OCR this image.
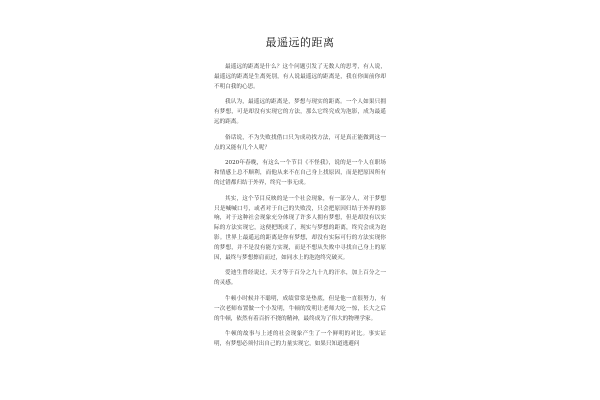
最遥远的距离

最遥远的距离是什么？这个问题引发了无数人的思考，有人说，最遥远的距离是生离死别，有人说最遥远的距离是，我在你面前你却不明白我的心思。

我认为，最遥远的距离是，梦想与现实的距离。一个人如果只拥有梦想，可是却没有实现它的方法，那么它终究成为泡影，成为最遥远的距离。

俗话说，不为失败找借口只为成功找方法，可是真正能做到这一点的又能有几个人呢？

2020年春晚，有这么一个节目《不怪我》，说的是一个人在职场和情感上总不顺利，而他从来不在自己身上找原因，而是把原因所有的过错都归结于外界，终究一事无成。

其实，这个节目反映的是一个社会现象，有一部分人，对于梦想只是喊喊口号，或者对于自己的失败没，只会把原因归结于外界的影响，对于这种社会现象充分体现了许多人拥有梦想，但是却没有以实际的方法实现它，这便把既成了，现实与梦想的距离，终究会成为泡影。世界上最遥远的距离是你有梦想，却没有实际可行的方法实现你的梦想，并不是没有能力实现，而是不想从失败中寻找自己身上的原因，最终与梦想擦肩而过，如同水上的泡泡终究破灭。

爱迪生曾经说过，天才等于百分之九十九的汗水，加上百分之一的灵感。

牛顿小时候并不聪明，成绩常常是垫底，但是他一直很努力，有一次老师布置做一个小发明，牛顿的发明让老师大吃一惊，长大之后的牛顿，依然有着百折不挠的精神，最终成为了伟大的物理学家。

牛顿的故事与上述的社会现象产生了一个鲜明的对比。事实证明，有梦想必须付出自己的力量实现它，如果只知道逃避问
